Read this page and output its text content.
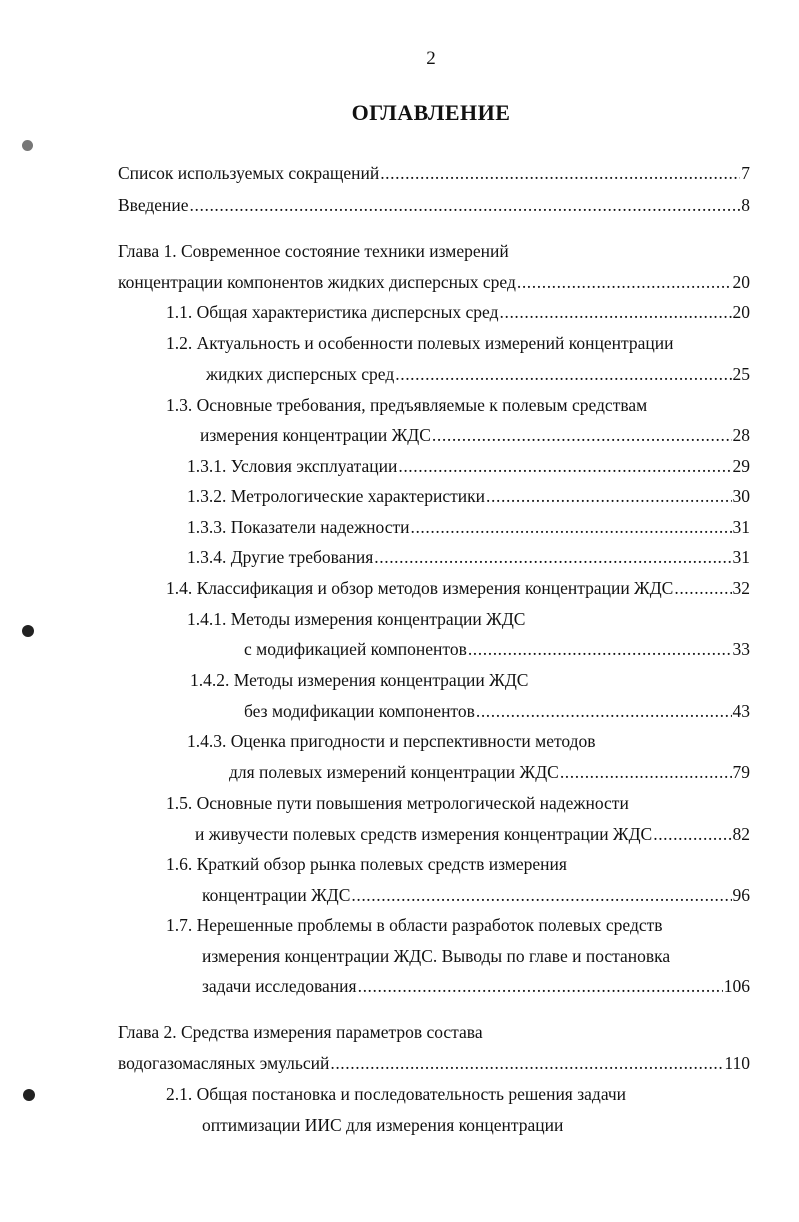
2
ОГЛАВЛЕНИЕ
Список используемых сокращений .....	7
Введение .....	8
Глава 1. Современное состояние техники измерений
концентрации компонентов жидких дисперсных сред .....	20
1.1. Общая характеристика дисперсных сред .....	20
1.2. Актуальность и особенности полевых измерений концентрации
жидких дисперсных сред .....	25
1.3. Основные требования, предъявляемые к полевым средствам
измерения концентрации ЖДС .....	28
1.3.1. Условия эксплуатации .....	29
1.3.2. Метрологические характеристики .....	30
1.3.3. Показатели надежности .....	31
1.3.4. Другие требования .....	31
1.4. Классификация и обзор методов измерения концентрации ЖДС .....	32
1.4.1. Методы измерения концентрации ЖДС
с модификацией компонентов .....	33
1.4.2. Методы измерения концентрации ЖДС
без модификации компонентов .....	43
1.4.3. Оценка пригодности и перспективности методов
для полевых измерений концентрации ЖДС .....	79
1.5. Основные пути повышения метрологической надежности
и живучести полевых средств измерения концентрации ЖДС .....	82
1.6. Краткий обзор рынка полевых средств измерения
концентрации ЖДС .....	96
1.7. Нерешенные проблемы в области разработок полевых средств
измерения концентрации ЖДС. Выводы по главе и постановка
задачи исследования .....	106
Глава 2. Средства измерения параметров состава
водогазомасляных эмульсий .....	110
2.1. Общая постановка и последовательность решения задачи
оптимизации ИИС для измерения концентрации
